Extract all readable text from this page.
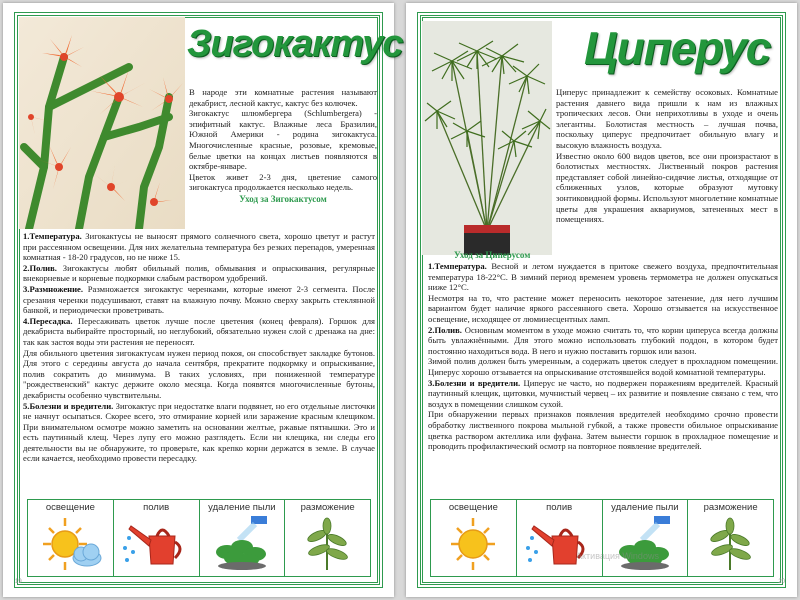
Зигокактус

В народе эти комнатные растения называют декабрист, лесной кактус, кактус без колючек.

Зигокактус шлюмбергера (Schlumbergera) - эпифитный кактус. Влажные леса Бразилии, Южной Америки - родина зигокактуса. Многочисленные красные, розовые, кремовые, белые цветки на концах листьев появляются в октябре-январе.

Цветок живет 2-3 дня, цветение самого зигокактуса продолжается несколько недель.

Уход за Зигокактусом

1.Температура. Зигокактусы не выносят прямого солнечного света, хорошо цветут и растут при рассеянном освещении. Для них желательна температура без резких перепадов, умеренная комнатная - 18-20 градусов, но не ниже 15.

2.Полив. Зигокактусы любят обильный полив, обмывания и опрыскивания, регулярные внекорневые и корневые подкормки слабым раствором удобрений.

3.Размножение. Размножается зигокактус черенками, которые имеют 2-3 сегмента. После срезания черенки подсушивают, ставят на влажную почву. Можно сверху закрыть стеклянной банкой, и периодически проветривать.

4.Пересадка. Пересаживать цветок лучше после цветения (конец февраля). Горшок для декабриста выбирайте просторный, но неглубокий, обязательно нужен слой с дренажа на дне: так как застоя воды эти растения не переносят.

Для обильного цветения зигокактусам нужен период покоя, он способствует закладке бутонов. Для этого с середины августа до начала сентября, прекратите подкормку и опрыскивание, полив сократить до минимума. В таких условиях, при пониженной температуре "рождественский" кактус держите около месяца. Когда появятся многочисленные бутоны, декабристы особенно чувствительны.

5.Болезни и вредители. Зигокактус при недостатке влаги подвянет, но его отдельные листочки не начнут осыпаться. Скорее всего, это отмирание корней или заражение красным клещиком. При внимательном осмотре можно заметить на основании желтые, ржавые пятнышки. Это и есть паутинный клещ. Через лупу его можно разглядеть. Если ни клещика, ни следы его деятельности вы не обнаружите, то проверьте, как крепко корни держатся в земле. В случае если качается, необходимо провести пересадку.

освещение	полив	удаление пыли	разможение
19
Циперус

Циперус принадлежит к семейству осоковых. Комнатные растения давнего вида пришли к нам из влажных тропических лесов. Они неприхотливы в уходе и очень элегантны. Болотистая местность – лучшая почва, поскольку циперус предпочитает обильную влагу и высокую влажность воздуха.

Известно около 600 видов цветов, все они произрастают в болотистых местностях. Лиственный покров растения представляет собой линейно-сидячие листья, отходящие от сближенных узлов, которые образуют мутовку зонтиковидной формы. Используют многолетние комнатные цветы для украшения аквариумов, затененных мест в помещениях.

Уход за Циперусом

1.Температура. Весной и летом нуждается в притоке свежего воздуха, предпочтительная температура 18-22°С. В зимний период временем уровень термометра не должен опускаться ниже 12°С.

Несмотря на то, что растение может переносить некоторое затенение, для него лучшим вариантом будет наличие яркого рассеянного света. Хорошо отзывается на искусственное освещение, исходящее от люминесцентных ламп.

2.Полив. Основным моментом в уходе можно считать то, что корни циперуса всегда должны быть увлажнёнными. Для этого можно использовать глубокий поддон, в котором будет постоянно находиться вода. В него и нужно поставить горшок или вазон.

Зимой полив должен быть умеренным, а содержать цветок следует в прохладном помещении. Циперус хорошо отзывается на опрыскивание отстоявшейся водой комнатной температуры.

3.Болезни и вредители. Циперус не часто, но подвержен поражениям вредителей. Красный паутинный клещик, щитовки, мучнистый червец – их развитие и появление связано с тем, что воздух в помещении слишком сухой.

При обнаружении первых признаков появления вредителей необходимо срочно провести обработку лиственного покрова мыльной губкой, а также провести обильное опрыскивание цветка раствором актеллика или фуфана. Затем вынести горшок в прохладное помещение и проводить профилактический осмотр на повторное появление вредителей.

освещение	полив	удаление пыли	разможение
Активация Windows
20
